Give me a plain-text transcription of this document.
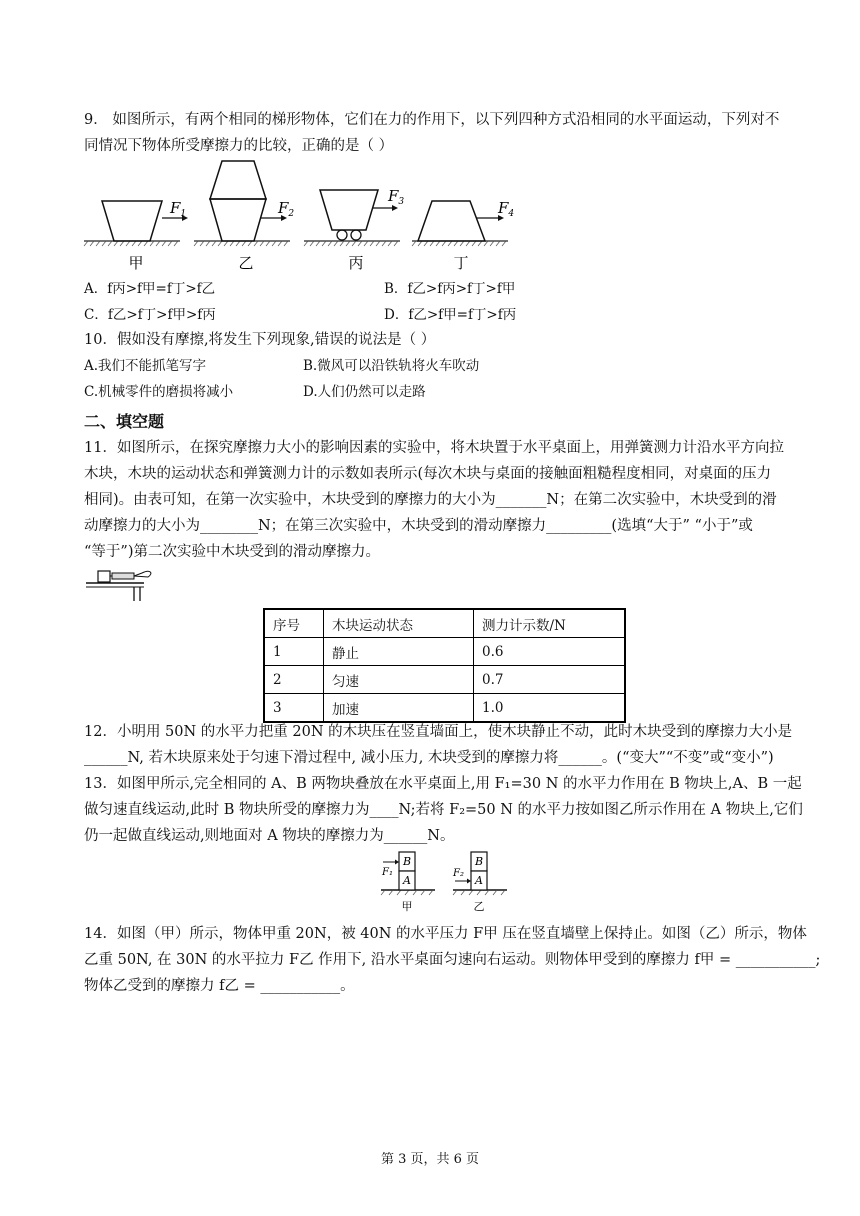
9． 如图所示，有两个相同的梯形物体，它们在力的作用下，以下列四种方式沿相同的水平面运动，下列对不
同情况下物体所受摩擦力的比较，正确的是（ ）
$F_1$	$F_2$
$F_3$	$F_4$
甲	乙	丙	丁
A．f丙>f甲=f丁>f乙	B．f乙>f丙>f丁>f甲
C．f乙>f丁>f甲>f丙	D．f乙>f甲=f丁>f丙
10．假如没有摩擦,将发生下列现象,错误的说法是（ ）
A.我们不能抓笔写字	B.微风可以沿铁轨将火车吹动
C.机械零件的磨损将减小	D.人们仍然可以走路
二、填空题
11．如图所示，在探究摩擦力大小的影响因素的实验中，将木块置于水平桌面上，用弹簧测力计沿水平方向拉
木块，木块的运动状态和弹簧测力计的示数如表所示(每次木块与桌面的接触面粗糙程度相同，对桌面的压力
相同)。由表可知，在第一次实验中，木块受到的摩擦力的大小为_______N；在第二次实验中，木块受到的滑
动摩擦力的大小为________N；在第三次实验中，木块受到的滑动摩擦力_________(选填“大于” “小于”或
“等于”)第二次实验中木块受到的滑动摩擦力。
序号	木块运动状态	测力计示数/N
1	静止	0.6
2	匀速	0.7
3	加速	1.0
12．小明用 50N 的水平力把重 20N 的木块压在竖直墙面上，使木块静止不动，此时木块受到的摩擦力大小是
______N, 若木块原来处于匀速下滑过程中, 减小压力, 木块受到的摩擦力将______。(“变大”“不变”或“变小”)
13．如图甲所示,完全相同的 A、B 两物块叠放在水平桌面上,用 F₁=30 N 的水平力作用在 B 物块上,A、B 一起
做匀速直线运动,此时 B 物块所受的摩擦力为____N;若将 F₂=50 N 的水平力按如图乙所示作用在 A 物块上,它们
仍一起做直线运动,则地面对 A 物块的摩擦力为______N。
B
A
F₁
甲
B
A
F₂
乙
14．如图（甲）所示，物体甲重 20N，被 40N 的水平压力 F甲 压在竖直墙壁上保持止。如图（乙）所示，物体
乙重 50N, 在 30N 的水平拉力 F乙 作用下, 沿水平桌面匀速向右运动。则物体甲受到的摩擦力 f甲 = ___________;
物体乙受到的摩擦力 f乙 = ___________。
第 3 页，共 6 页
